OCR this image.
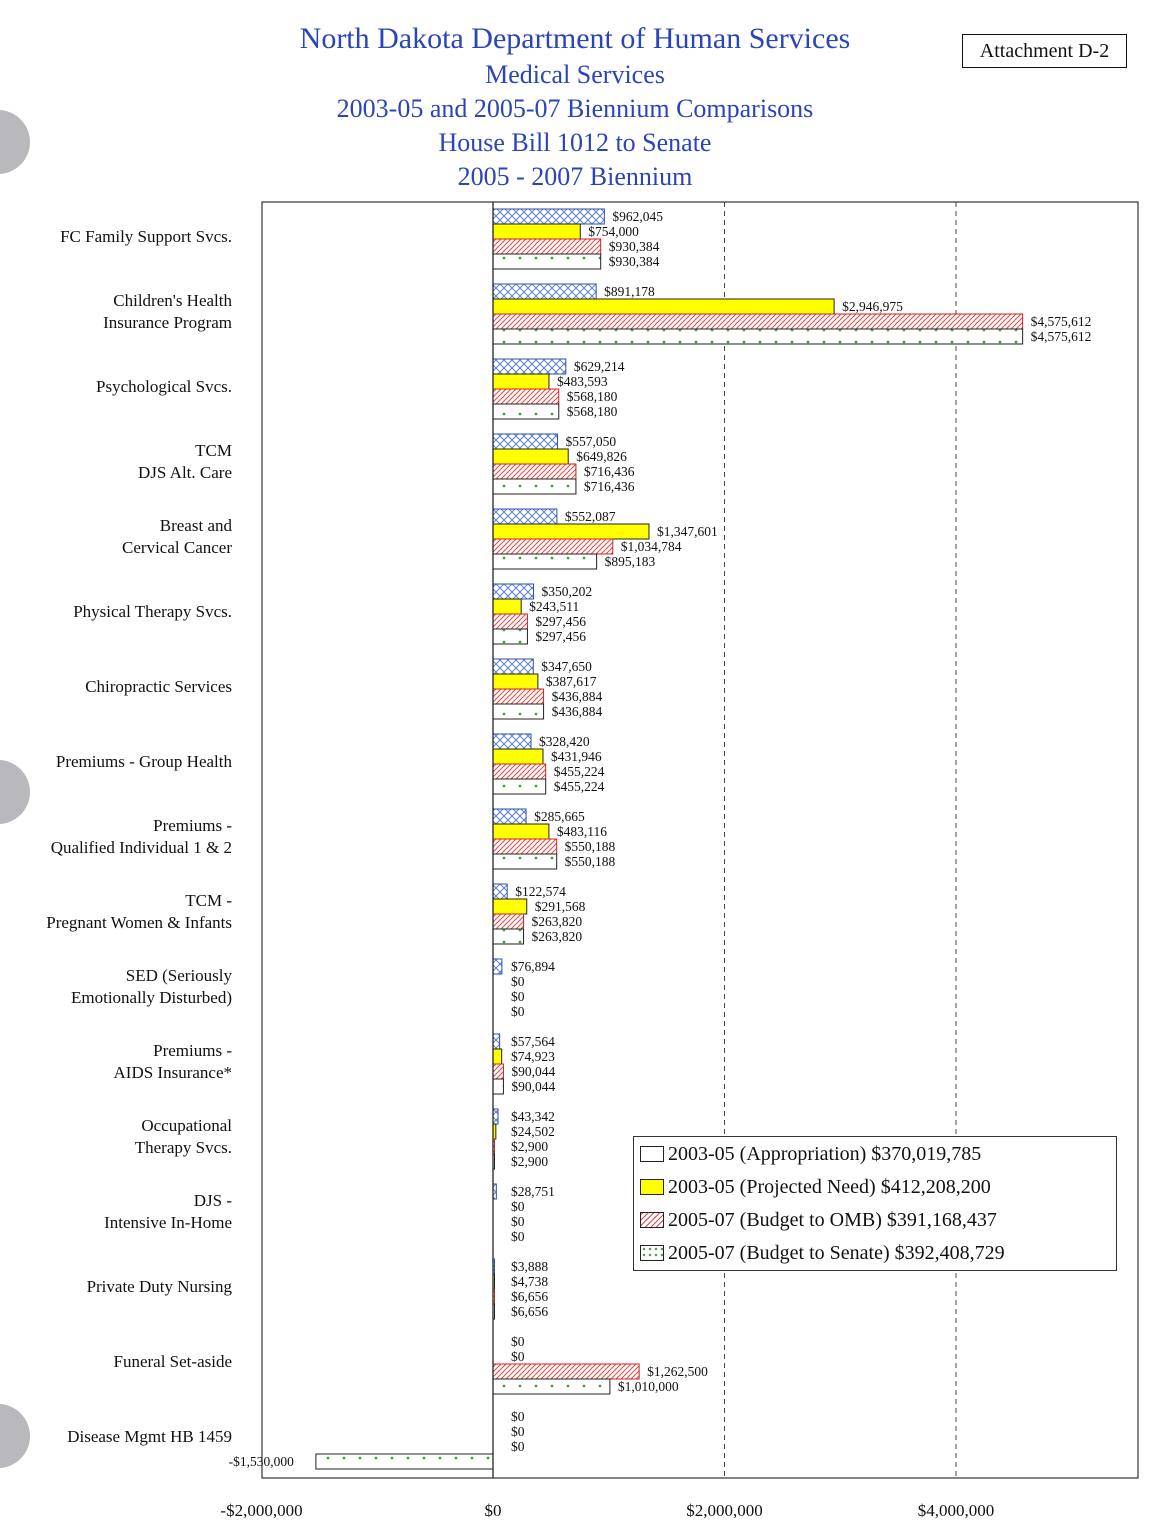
North Dakota Department of Human Services
Medical Services
2003-05 and 2005-07 Biennium Comparisons
House Bill 1012 to Senate
2005 - 2007 Biennium
Attachment D-2
FC Family Support Svcs.
Children's Health
Insurance Program
Psychological Svcs.
TCM
DJS Alt. Care
Breast and
Cervical Cancer
Physical Therapy Svcs.
Chiropractic Services
Premiums - Group Health
Premiums -
Qualified Individual 1 & 2
TCM -
Pregnant Women & Infants
SED (Seriously
Emotionally Disturbed)
Premiums -
AIDS Insurance*
Occupational
Therapy Svcs.
DJS -
Intensive In-Home
Private Duty Nursing
Funeral Set-aside
Disease Mgmt HB 1459
$962,045
$891,178
$629,214
$557,050
$552,087
$350,202
$347,650
$328,420
$285,665
$122,574
$76,894
$57,564
$43,342
$28,751
$3,888
$0
$0
$754,000
$2,946,975
$483,593
$649,826
$1,347,601
$243,511
$387,617
$431,946
$483,116
$291,568
$0
$74,923
$24,502
$0
$4,738
$0
$0
$930,384
$4,575,612
$568,180
$716,436
$1,034,784
$297,456
$436,884
$455,224
$550,188
$263,820
$0
$90,044
$2,900
$0
$6,656
$1,262,500
$0
$930,384
$4,575,612
$568,180
$716,436
$895,183
$297,456
$436,884
$455,224
$550,188
$263,820
$0
$90,044
$2,900
$0
$6,656
$1,010,000
-$1,530,000
-$2,000,000	$0	$2,000,000	$4,000,000
2003-05 (Appropriation) $370,019,785
2003-05 (Projected Need) $412,208,200
2005-07 (Budget to OMB) $391,168,437
2005-07 (Budget to Senate) $392,408,729
